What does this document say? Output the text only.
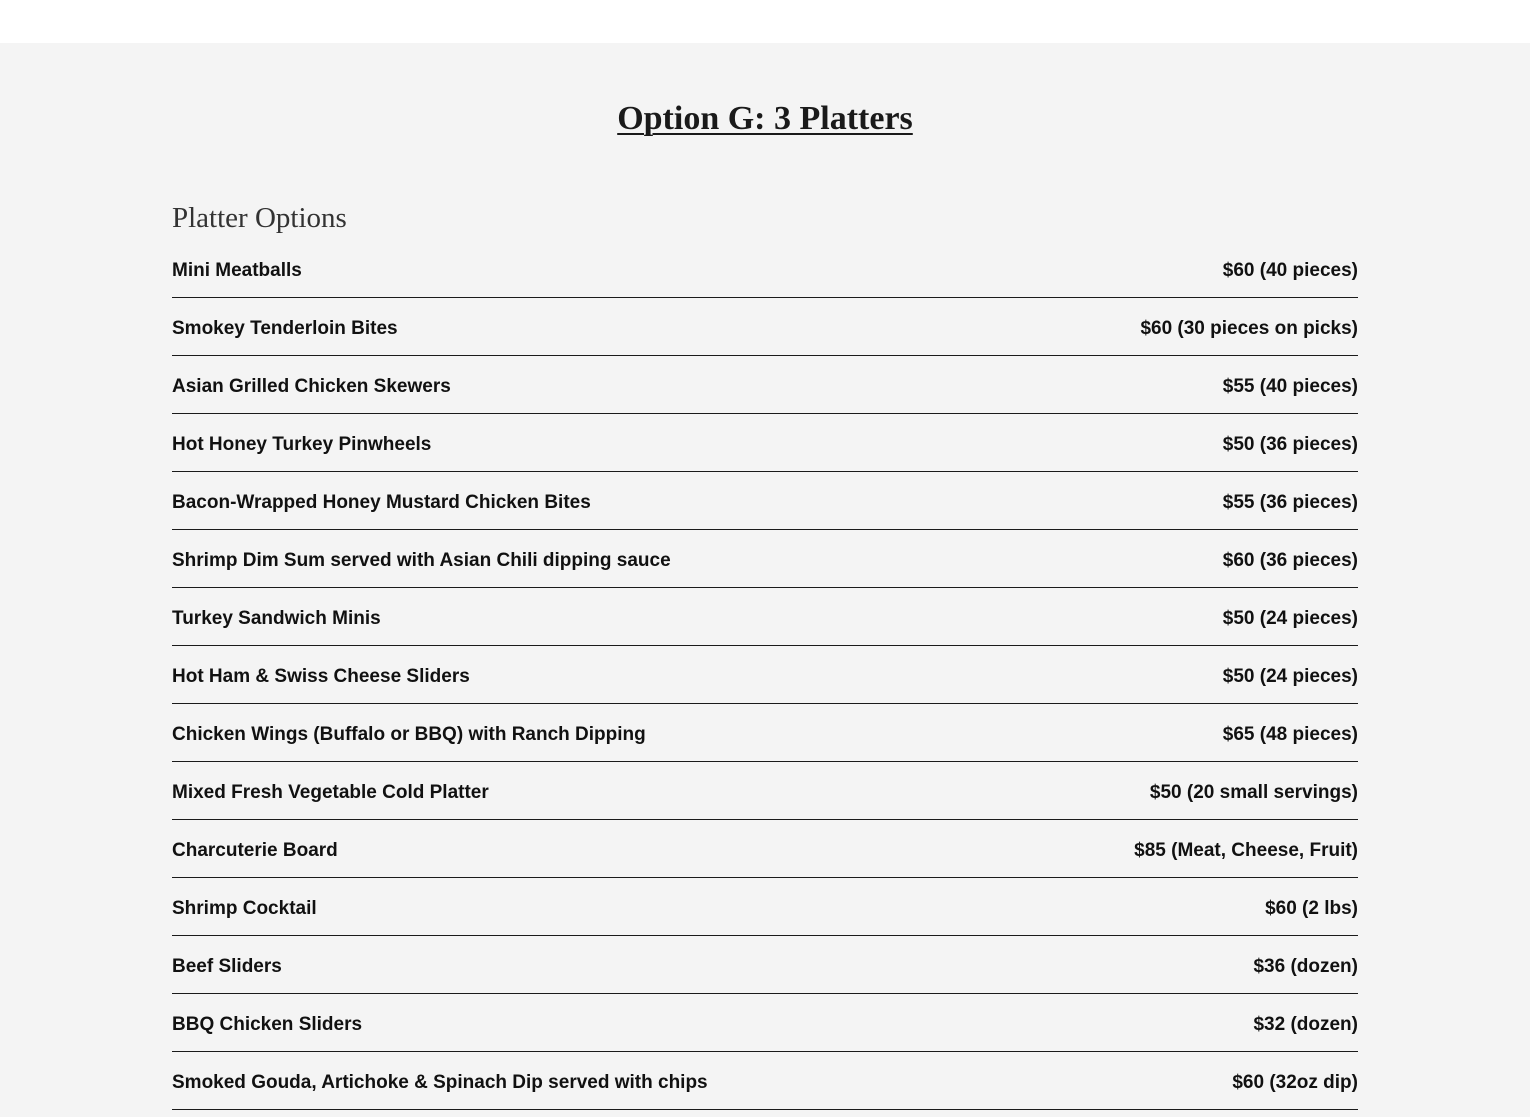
Option G: 3 Platters
Platter Options
Mini Meatballs	$60 (40 pieces)
Smokey Tenderloin Bites	$60 (30 pieces on picks)
Asian Grilled Chicken Skewers	$55 (40 pieces)
Hot Honey Turkey Pinwheels	$50 (36 pieces)
Bacon-Wrapped Honey Mustard Chicken Bites	$55 (36 pieces)
Shrimp Dim Sum served with Asian Chili dipping sauce	$60 (36 pieces)
Turkey Sandwich Minis	$50 (24 pieces)
Hot Ham & Swiss Cheese Sliders	$50 (24 pieces)
Chicken Wings (Buffalo or BBQ) with Ranch Dipping	$65 (48 pieces)
Mixed Fresh Vegetable Cold Platter	$50 (20 small servings)
Charcuterie Board	$85 (Meat, Cheese, Fruit)
Shrimp Cocktail	$60 (2 lbs)
Beef Sliders	$36 (dozen)
BBQ Chicken Sliders	$32 (dozen)
Smoked Gouda, Artichoke & Spinach Dip served with chips	$60 (32oz dip)
